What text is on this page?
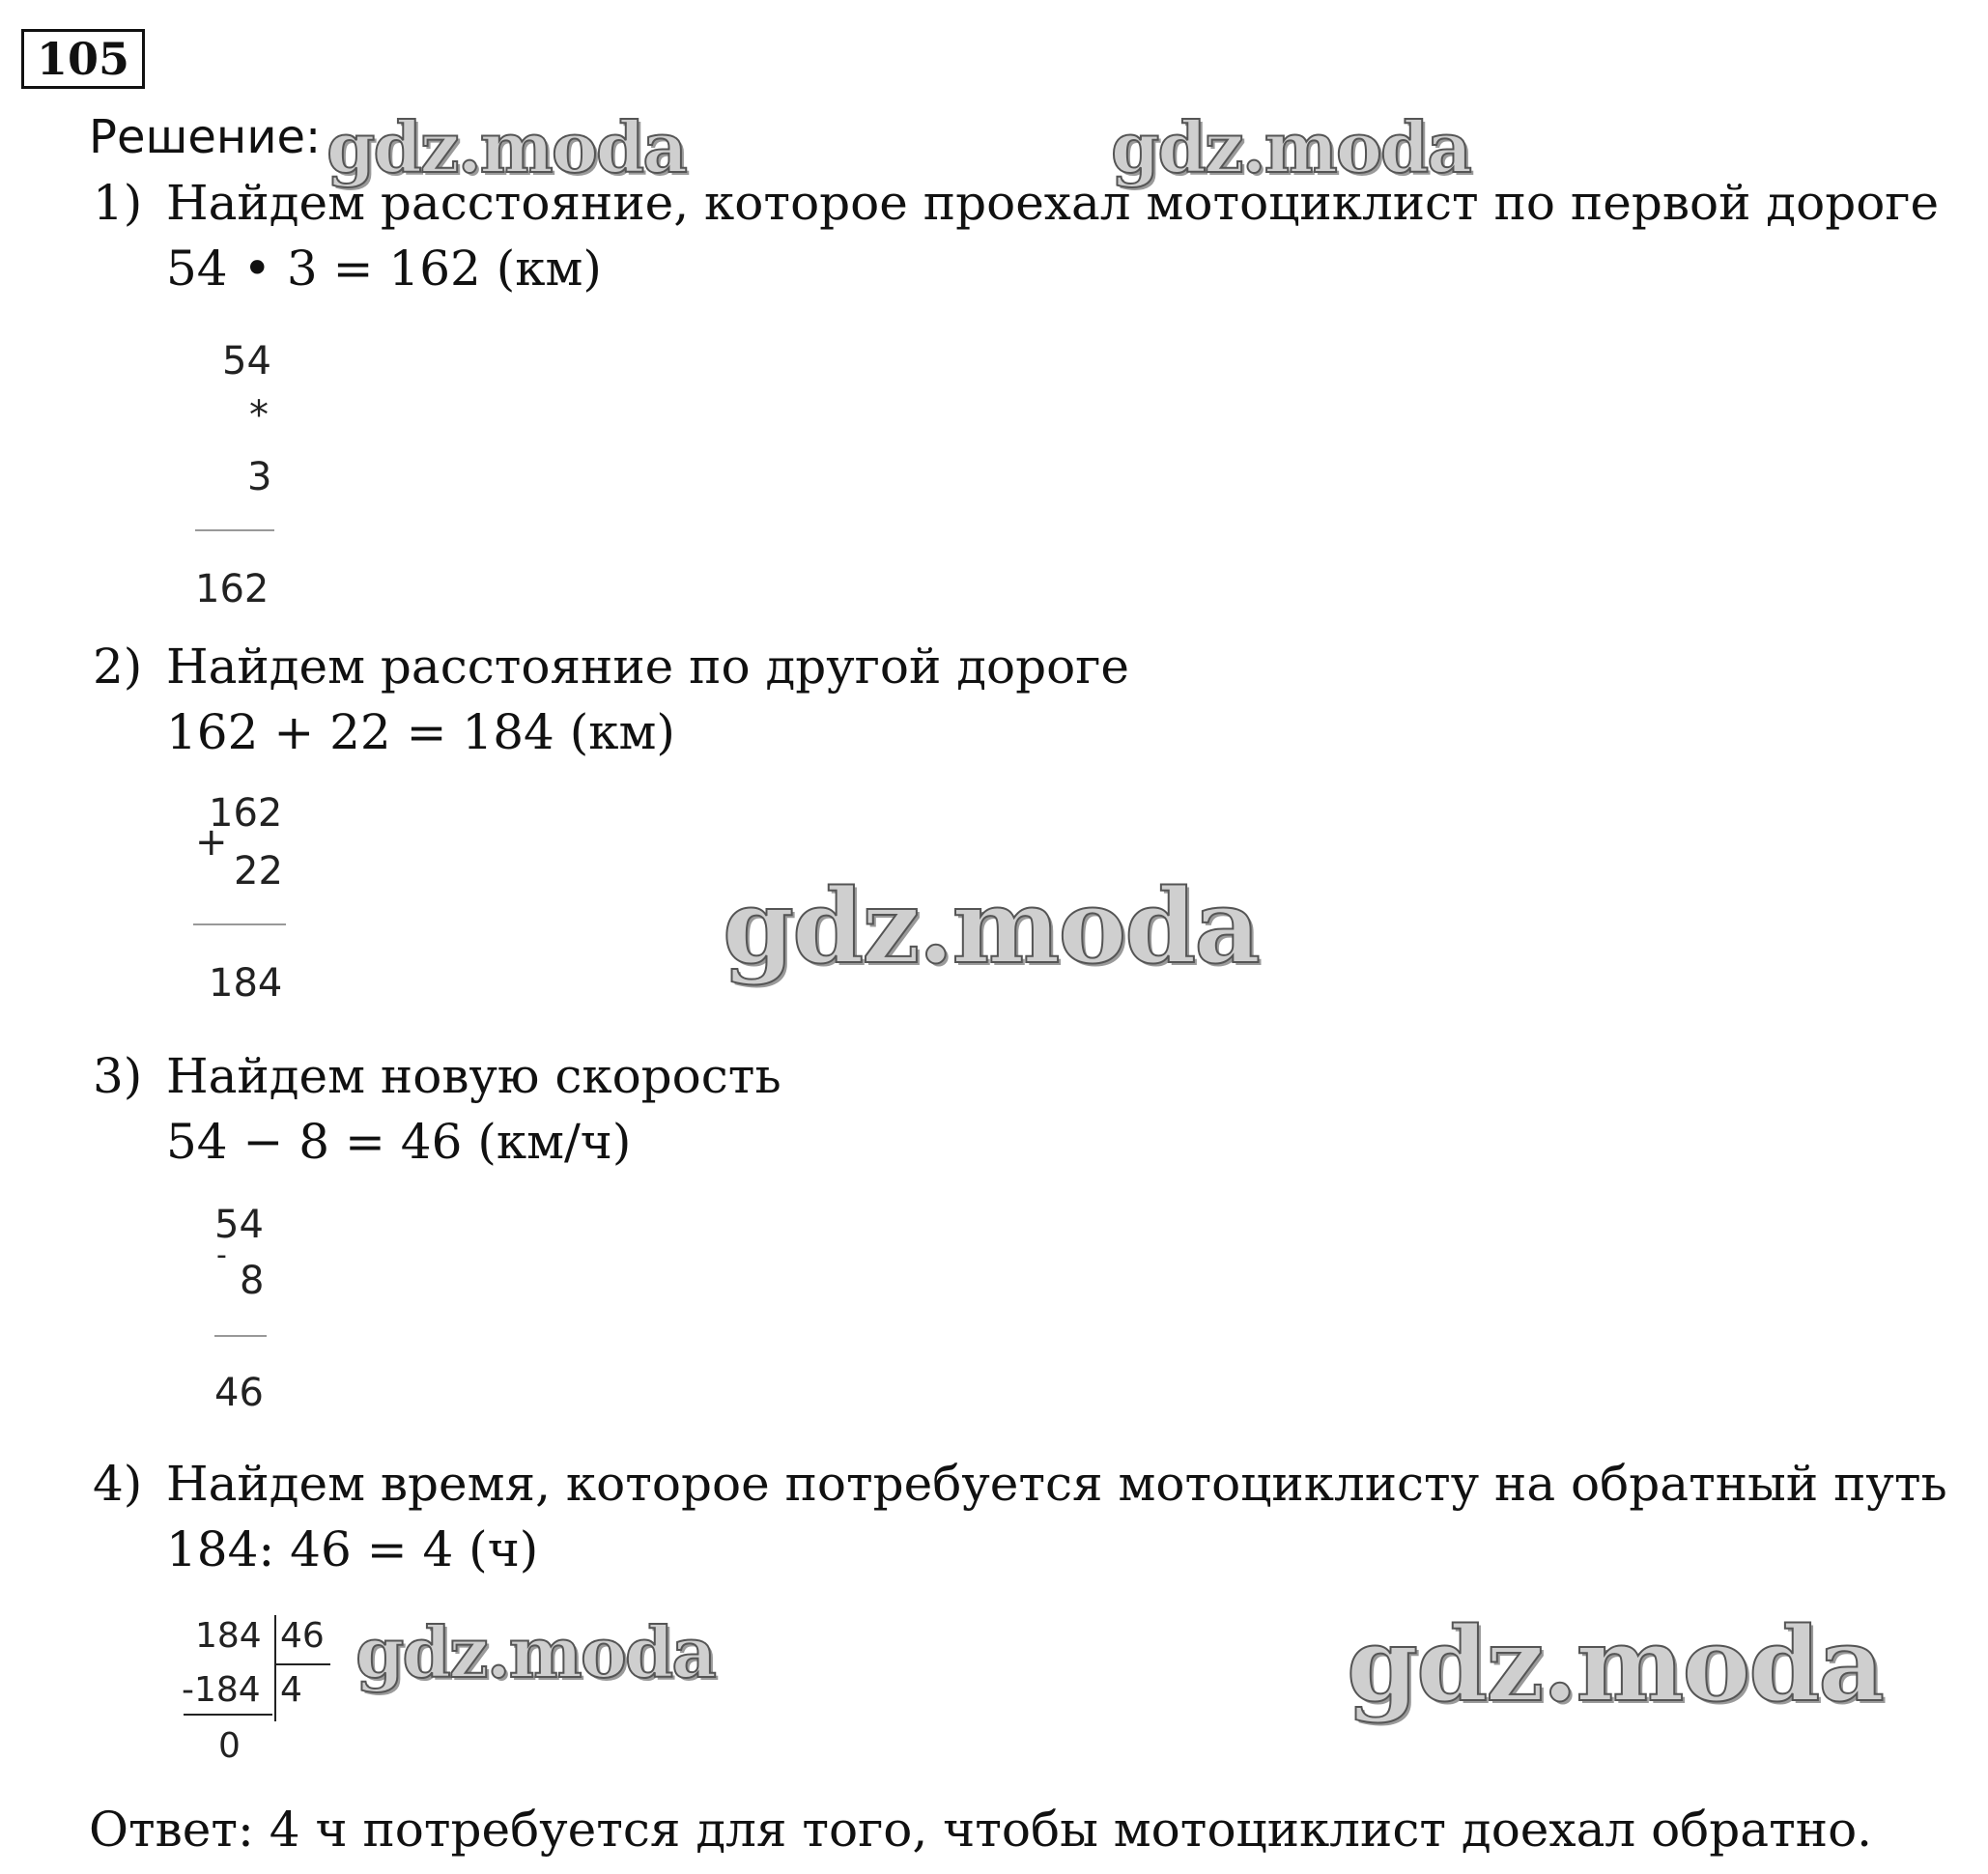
105
Решение:
1) Найдем расстояние, которое проехал мотоциклист по первой дороге
54 • 3 = 162 (км)
54
*
3
162
2) Найдем расстояние по другой дороге
162 + 22 = 184 (км)
162
+
22
184
3) Найдем новую скорость
54 − 8 = 46 (км/ч)
54
-
8
46
4) Найдем время, которое потребуется мотоциклисту на обратный путь
184: 46 = 4 (ч)
184 46
-184 4
0
Ответ: 4 ч потребуется для того, чтобы мотоциклист доехал обратно.
gdz.moda	gdz.moda
gdz.moda
gdz.moda	gdz.moda
